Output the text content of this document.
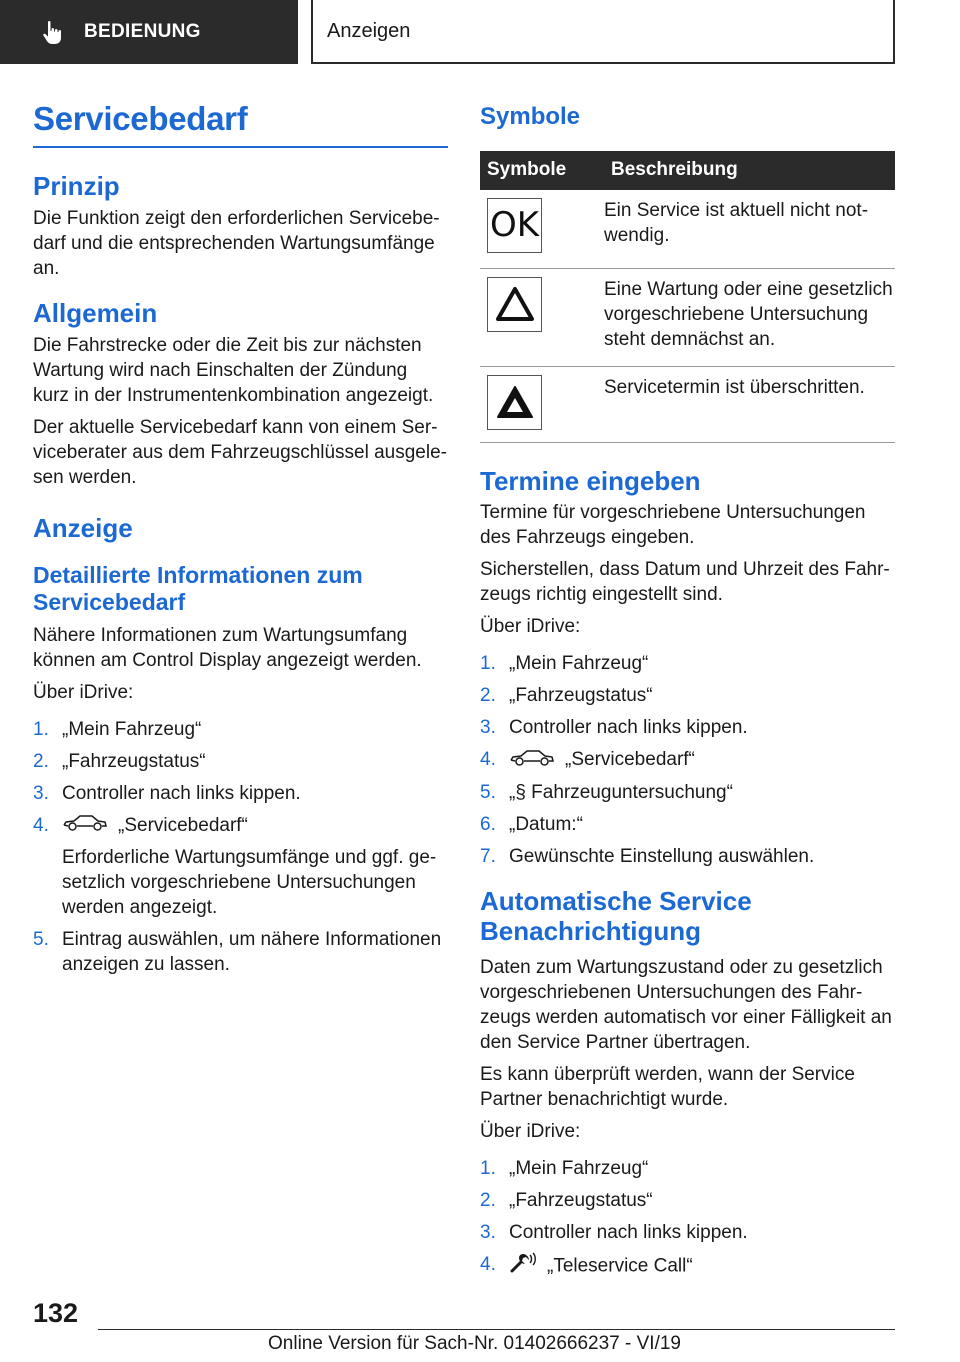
BEDIENUNG	Anzeigen
Servicebedarf
Prinzip

Die Funktion zeigt den erforderlichen Servicebedarf und die entsprechenden Wartungsumfänge an.

Allgemein

Die Fahrstrecke oder die Zeit bis zur nächsten Wartung wird nach Einschalten der Zündung kurz in der Instrumentenkombination angezeigt.

Der aktuelle Servicebedarf kann von einem Serviceberater aus dem Fahrzeugschlüssel ausgelesen werden.

Anzeige
Detaillierte Informationen zum Servicebedarf

Nähere Informationen zum Wartungsumfang können am Control Display angezeigt werden.

Über iDrive:

1. „Mein Fahrzeug“
2. „Fahrzeugstatus“
3. Controller nach links kippen.
4.	„Servicebedarf“
Erforderliche Wartungsumfänge und ggf. gesetzlich vorgeschriebene Untersuchungen werden angezeigt.
5. Eintrag auswählen, um nähere Informationen anzeigen zu lassen.
Symbole
Symbole	Beschreibung

OK	Ein Service ist aktuell nicht notwendig.

	Eine Wartung oder eine gesetzlich vorgeschriebene Untersuchung steht demnächst an.

	Servicetermin ist überschritten.
Termine eingeben

Termine für vorgeschriebene Untersuchungen des Fahrzeugs eingeben.

Sicherstellen, dass Datum und Uhrzeit des Fahrzeugs richtig eingestellt sind.

Über iDrive:

1. „Mein Fahrzeug“
2. „Fahrzeugstatus“
3. Controller nach links kippen.
4.	„Servicebedarf“
5. „§ Fahrzeuguntersuchung“
6. „Datum:“
7. Gewünschte Einstellung auswählen.
Automatische Service Benachrichtigung

Daten zum Wartungszustand oder zu gesetzlich vorgeschriebenen Untersuchungen des Fahrzeugs werden automatisch vor einer Fälligkeit an den Service Partner übertragen.

Es kann überprüft werden, wann der Service Partner benachrichtigt wurde.

Über iDrive:

1. „Mein Fahrzeug“
2. „Fahrzeugstatus“
3. Controller nach links kippen.
4.	„Teleservice Call“
132
Online Version für Sach-Nr. 01402666237 - VI/19
